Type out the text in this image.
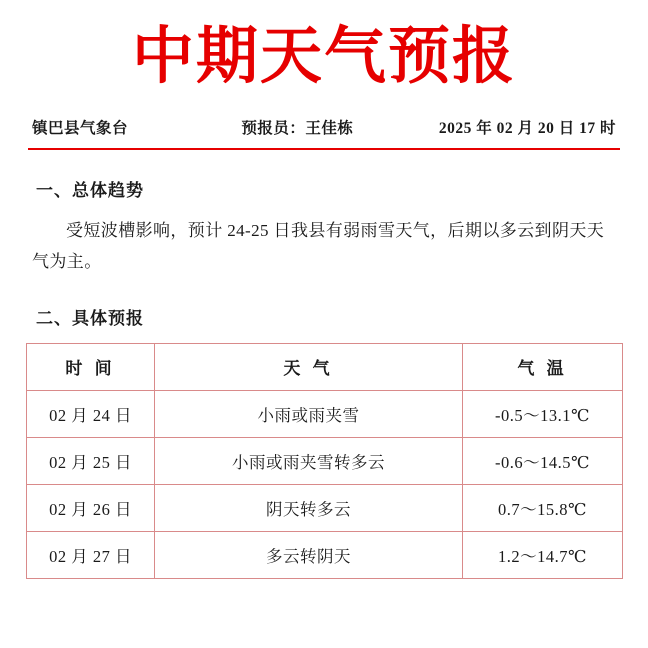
中期天气预报
镇巴县气象台	预报员：王佳栋	2025 年 02 月 20 日 17 时
一、总体趋势

受短波槽影响，预计 24-25 日我县有弱雨雪天气，后期以多云到阴天天气为主。

二、具体预报
时 间	天 气	气 温
02 月 24 日	小雨或雨夹雪	-0.5～13.1℃
02 月 25 日	小雨或雨夹雪转多云	-0.6～14.5℃
02 月 26 日	阴天转多云	0.7～15.8℃
02 月 27 日	多云转阴天	1.2～14.7℃
